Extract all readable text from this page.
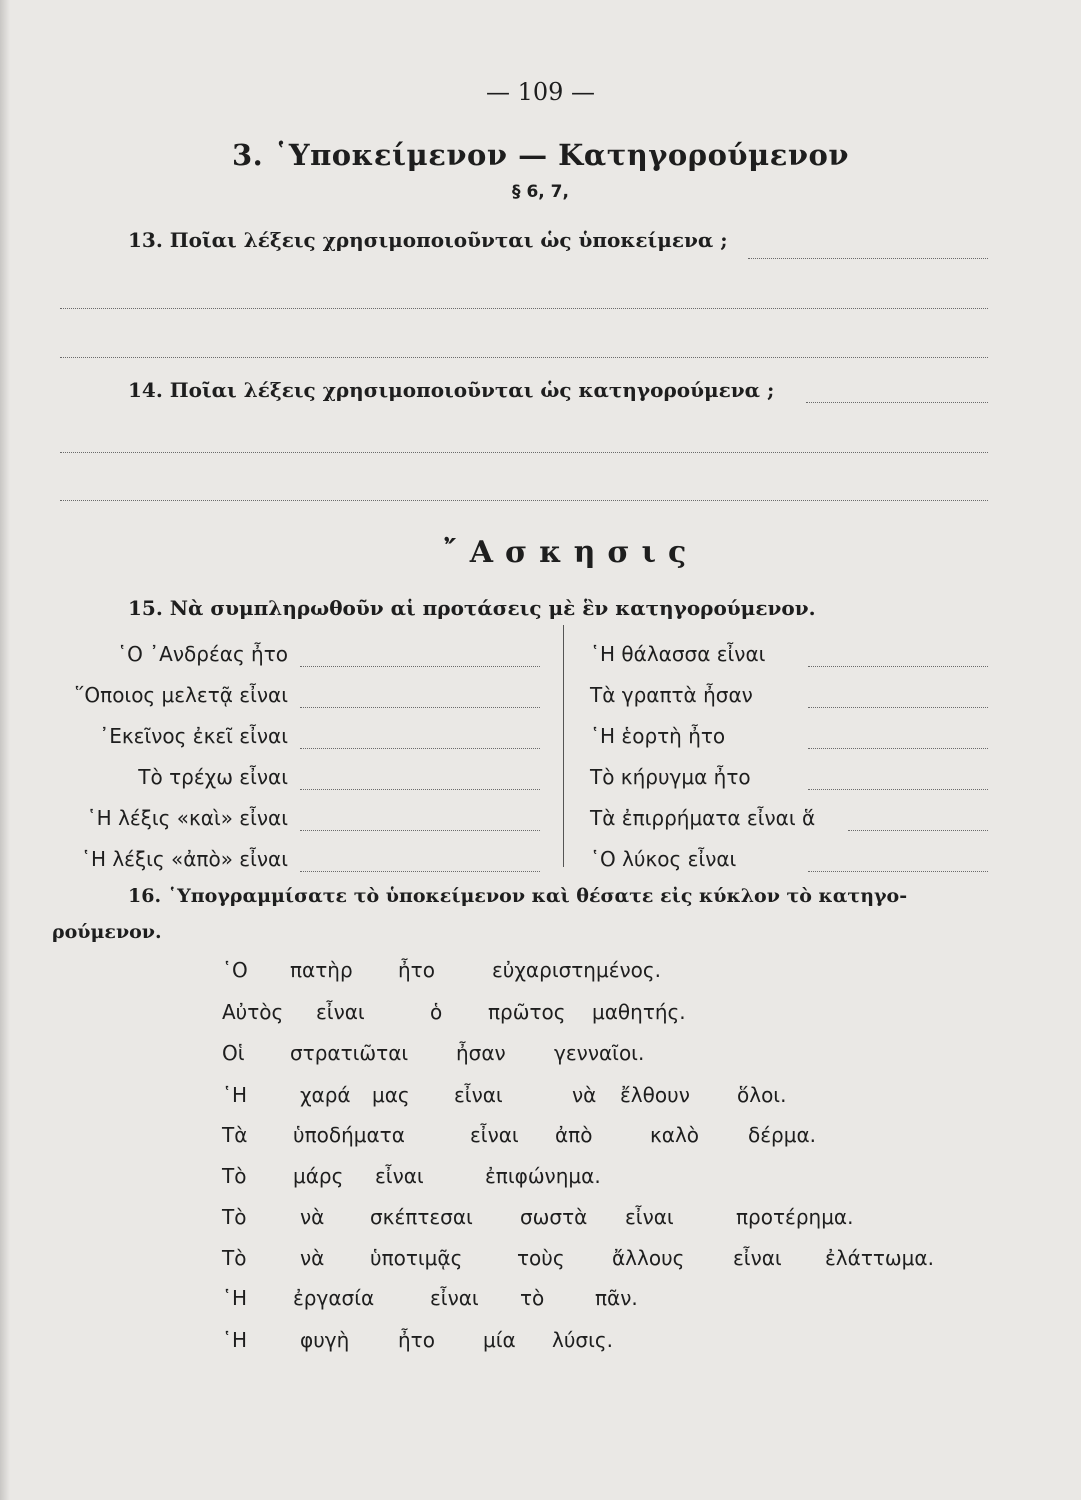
— 109 —
3. ῾Υποκείμενον — Κατηγορούμενον
§ 6, 7,
13. Ποῖαι λέξεις χρησιμοποιοῦνται ὡς ὑποκείμενα ;
14. Ποῖαι λέξεις χρησιμοποιοῦνται ὡς κατηγορούμενα ;
῎Ασκησις
15. Νὰ συμπληρωθοῦν αἱ προτάσεις μὲ ἓν κατηγορούμενον.
῾Ο ᾿Ανδρέας ἦτο
῞Οποιος μελετᾷ εἶναι
᾿Εκεῖνος ἐκεῖ εἶναι
Τὸ τρέχω εἶναι
῾Η λέξις «καὶ» εἶναι
῾Η λέξις «ἀπὸ» εἶναι
῾Η θάλασσα εἶναι
Τὰ γραπτὰ ἦσαν
῾Η ἑορτὴ ἦτο
Τὸ κήρυγμα ἦτο
Τὰ ἐπιρρήματα εἶναι ἅ
῾Ο λύκος εἶναι
16. ῾Υπογραμμίσατε τὸ ὑποκείμενον καὶ θέσατε εἰς κύκλον τὸ κατηγο-
ρούμενον.
῾Ο πατὴρ ἦτο	εὐχαριστημένος.
Αὐτὸς εἶναι	ὁ πρῶτος μαθητής.
Οἱ στρατιῶται ἦσαν γενναῖοι.
῾Η	χαρά μας εἶναι	νὰ ἔλθουν ὅλοι.
Τὰ ὑποδήματα	εἶναι ἀπὸ	καλὸ δέρμα.
Τὸ μάρς εἶναι	ἐπιφώνημα.
Τὸ	νὰ σκέπτεσαι σωστὰ εἶναι	προτέρημα.
Τὸ	νὰ ὑποτιμᾷς	τοὺς ἄλλους εἶναι ἐλάττωμα.
῾Η ἐργασία	εἶναι τὸ	πᾶν.
῾Η	φυγὴ ἦτο μία λύσις.
